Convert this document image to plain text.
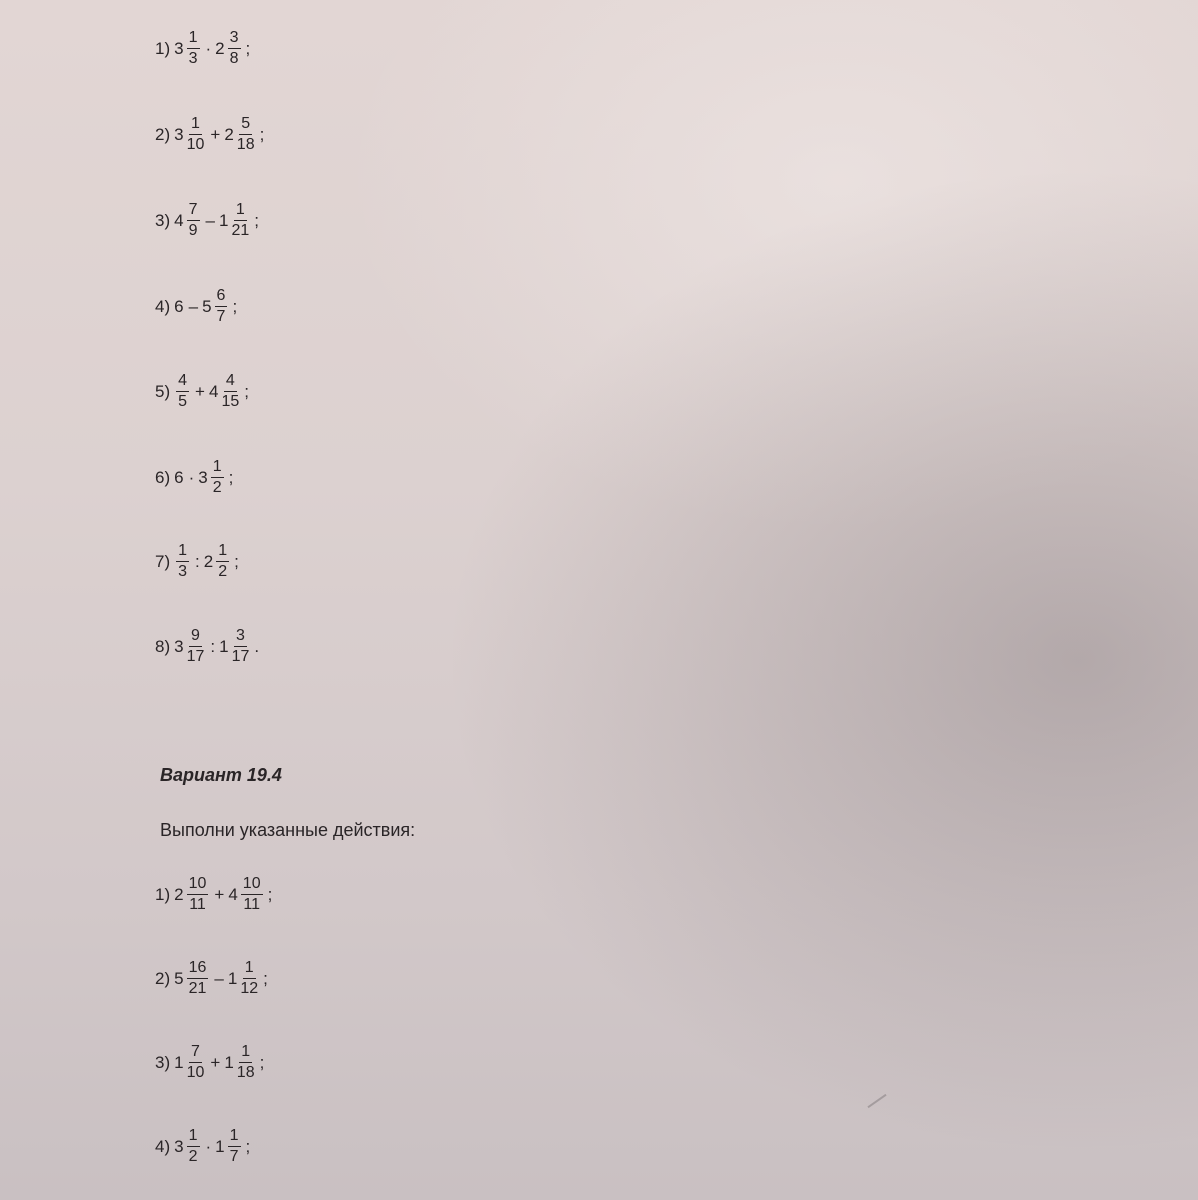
1) $3 \frac{1}{3} \cdot 2 \frac{3}{8}$ ;
2) $3 \frac{1}{10} + 2 \frac{5}{18}$ ;
3) $4 \frac{7}{9} - 1 \frac{1}{21}$ ;
4) $6 - 5 \frac{6}{7}$ ;
$5) \frac{4}{5} + 4 \frac{4}{15}$ ;
6) $6 \cdot 3 \frac{1}{2}$ ;
$7) \frac{1}{3}$ : $2 \frac{1}{2}$ ;
8) $3 \frac{9}{17}$ : $1 \frac{3}{17}$ .
Вариант 19.4
Выполни указанные действия:
1) $2 \frac{10}{11} + 4 \frac{10}{11}$ ;
2) $5 \frac{16}{21} - 1 \frac{1}{12}$ ;
3) $1 \frac{7}{10} + 1 \frac{1}{18}$ ;
4) $3 \frac{1}{2} \cdot 1 \frac{1}{7}$ ;
